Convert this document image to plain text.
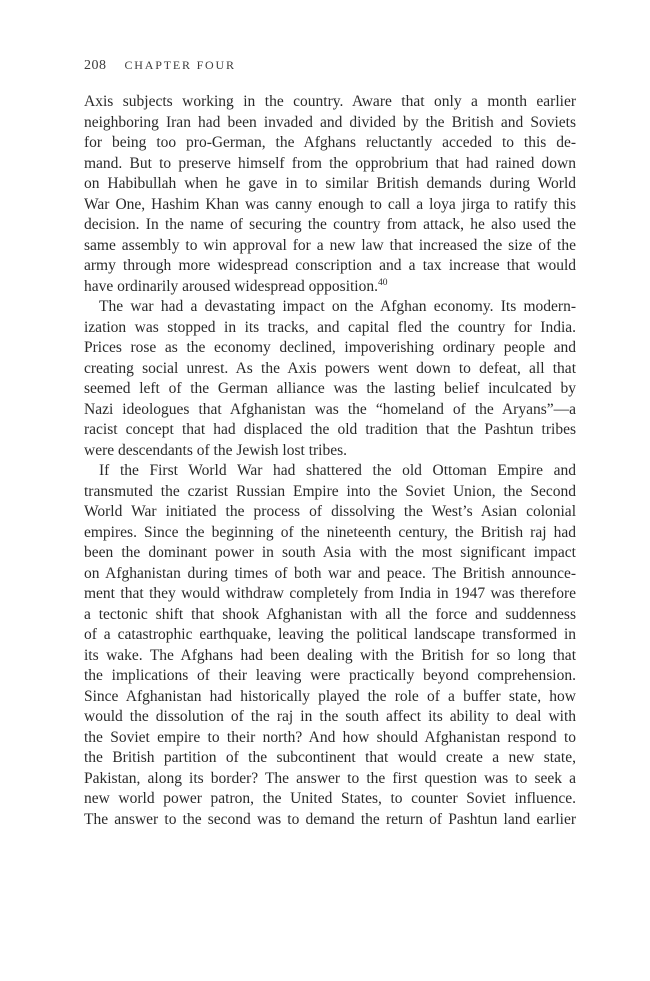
208 CHAPTER FOUR
Axis subjects working in the country. Aware that only a month earlier
neighboring Iran had been invaded and divided by the British and Soviets
for being too pro-German, the Afghans reluctantly acceded to this de-
mand. But to preserve himself from the opprobrium that had rained down
on Habibullah when he gave in to similar British demands during World
War One, Hashim Khan was canny enough to call a loya jirga to ratify this
decision. In the name of securing the country from attack, he also used the
same assembly to win approval for a new law that increased the size of the
army through more widespread conscription and a tax increase that would
have ordinarily aroused widespread opposition.$^{40}$
The war had a devastating impact on the Afghan economy. Its modern-
ization was stopped in its tracks, and capital fled the country for India.
Prices rose as the economy declined, impoverishing ordinary people and
creating social unrest. As the Axis powers went down to defeat, all that
seemed left of the German alliance was the lasting belief inculcated by
Nazi ideologues that Afghanistan was the “homeland of the Aryans”—a
racist concept that had displaced the old tradition that the Pashtun tribes
were descendants of the Jewish lost tribes.
If the First World War had shattered the old Ottoman Empire and
transmuted the czarist Russian Empire into the Soviet Union, the Second
World War initiated the process of dissolving the West’s Asian colonial
empires. Since the beginning of the nineteenth century, the British raj had
been the dominant power in south Asia with the most significant impact
on Afghanistan during times of both war and peace. The British announce-
ment that they would withdraw completely from India in 1947 was therefore
a tectonic shift that shook Afghanistan with all the force and suddenness
of a catastrophic earthquake, leaving the political landscape transformed in
its wake. The Afghans had been dealing with the British for so long that
the implications of their leaving were practically beyond comprehension.
Since Afghanistan had historically played the role of a buffer state, how
would the dissolution of the raj in the south affect its ability to deal with
the Soviet empire to their north? And how should Afghanistan respond to
the British partition of the subcontinent that would create a new state,
Pakistan, along its border? The answer to the first question was to seek a
new world power patron, the United States, to counter Soviet influence.
The answer to the second was to demand the return of Pashtun land earlier
